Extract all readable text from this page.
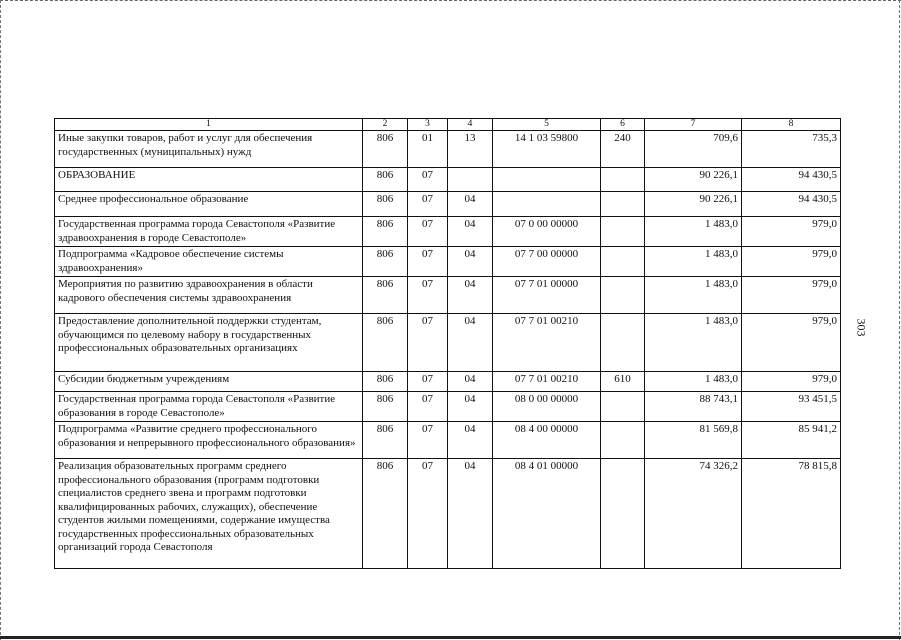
303
1	2	3	4	5	6	7	8
Иные закупки товаров, работ и услуг для обеспечения государственных (муниципальных) нужд	806	01	13	14 1 03 59800	240	709,6	735,3
ОБРАЗОВАНИЕ	806	07				90 226,1	94 430,5
Среднее профессиональное образование	806	07	04			90 226,1	94 430,5
Государственная программа города Севастополя «Развитие здравоохранения в городе Севастополе»	806	07	04	07 0 00 00000		1 483,0	979,0
Подпрограмма «Кадровое обеспечение системы здравоохранения»	806	07	04	07 7 00 00000		1 483,0	979,0
Мероприятия по развитию здравоохранения в области кадрового обеспечения системы здравоохранения	806	07	04	07 7 01 00000		1 483,0	979,0
Предоставление дополнительной поддержки студентам, обучающимся по целевому набору в государственных профессиональных образовательных организациях	806	07	04	07 7 01 00210		1 483,0	979,0
Субсидии бюджетным учреждениям	806	07	04	07 7 01 00210	610	1 483,0	979,0
Государственная программа города Севастополя «Развитие образования в городе Севастополе»	806	07	04	08 0 00 00000		88 743,1	93 451,5
Подпрограмма «Развитие среднего профессионального образования и непрерывного профессионального образования»	806	07	04	08 4 00 00000		81 569,8	85 941,2
Реализация образовательных программ среднего профессионального образования (программ подготовки специалистов среднего звена и программ подготовки квалифицированных рабочих, служащих), обеспечение студентов жилыми помещениями, содержание имущества государственных профессиональных образовательных организаций города Севастополя	806	07	04	08 4 01 00000		74 326,2	78 815,8
